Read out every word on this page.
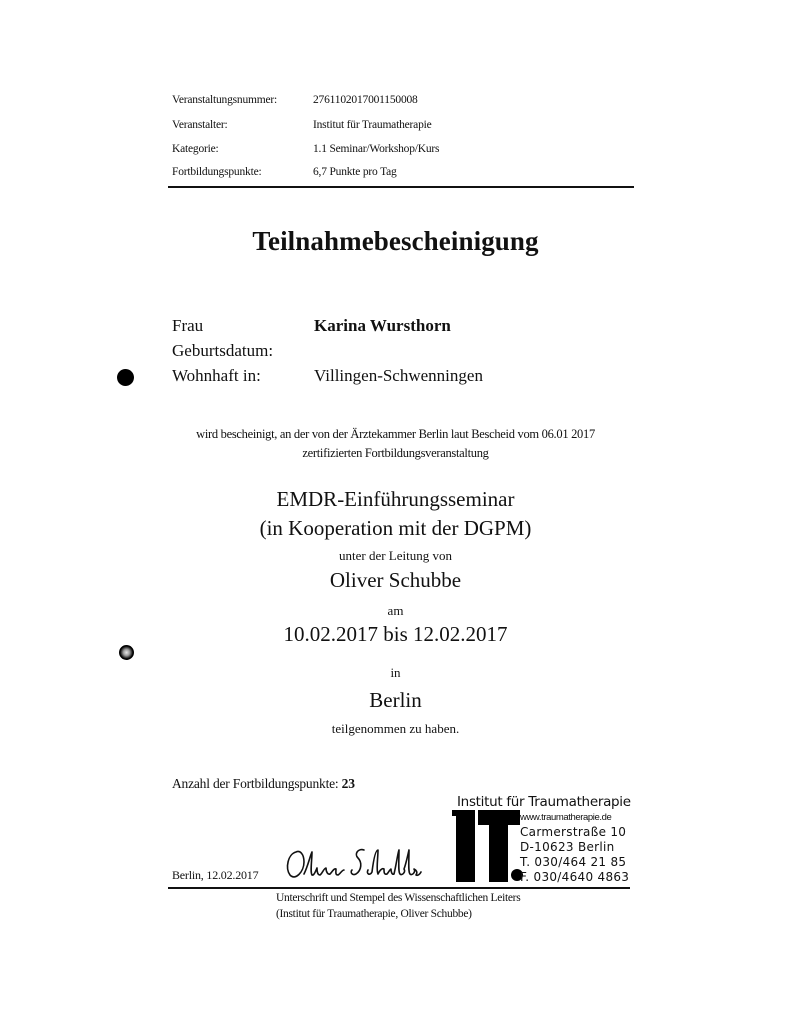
Veranstaltungsnummer:	2761102017001150008
Veranstalter:	Institut für Traumatherapie
Kategorie:	1.1 Seminar/Workshop/Kurs
Fortbildungspunkte:	6,7 Punkte pro Tag
Teilnahmebescheinigung
Frau	Karina Wursthorn
Geburtsdatum:
Wohnhaft in:	Villingen-Schwenningen
wird bescheinigt, an der von der Ärztekammer Berlin laut Bescheid vom 06.01 2017
zertifizierten Fortbildungsveranstaltung
EMDR-Einführungsseminar
(in Kooperation mit der DGPM)
unter der Leitung von
Oliver Schubbe
am
10.02.2017 bis 12.02.2017
in
Berlin
teilgenommen zu haben.
Anzahl der Fortbildungspunkte: 23
Institut für Traumatherapie
www.traumatherapie.de
Carmerstraße 10
D-10623 Berlin
T. 030/464 21 85
F. 030/4640 4863
Berlin, 12.02.2017
Unterschrift und Stempel des Wissenschaftlichen Leiters
(Institut für Traumatherapie, Oliver Schubbe)
